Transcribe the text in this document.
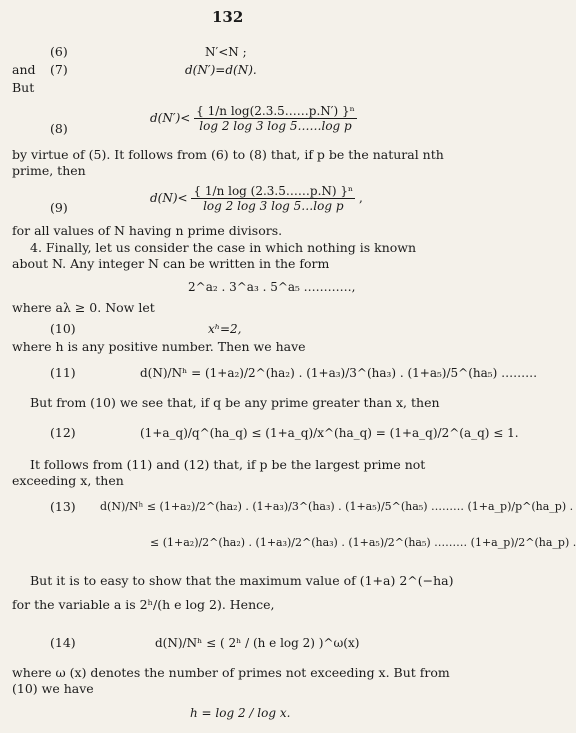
132
(6)	N′<N ;
and (7)	d(N′)=d(N).
But
(8)
$d(N')< \frac{\text{\{ 1/n log(2.3.5……p.N′) \}ⁿ}}{\text{log 2 log 3 log 5……log p}}$
by virtue of (5). It follows from (6) to (8) that, if p be the natural nth
prime, then
(9)
$d(N)< \frac{\text{\{ 1/n log (2.3.5……p.N) \}ⁿ}}{\text{log 2 log 3 log 5…log p}}$ ,
for all values of N having n prime divisors.
4. Finally, let us consider the case in which nothing is known
about N. Any integer N can be written in the form
2^a₂ . 3^a₃ . 5^a₅ …………,
where aλ ≥ 0. Now let
(10)	xʰ=2,
where h is any positive number. Then we have
(11)	d(N)/Nʰ = (1+a₂)/2^(ha₂) . (1+a₃)/3^(ha₃) . (1+a₅)/5^(ha₅) ………
But from (10) we see that, if q be any prime greater than x, then
(12)	(1+a_q)/q^(ha_q) ≤ (1+a_q)/x^(ha_q) = (1+a_q)/2^(a_q) ≤ 1.
It follows from (11) and (12) that, if p be the largest prime not
exceeding x, then
(13) d(N)/Nʰ ≤ (1+a₂)/2^(ha₂) . (1+a₃)/3^(ha₃) . (1+a₅)/5^(ha₅) ……… (1+a_p)/p^(ha_p) .
≤ (1+a₂)/2^(ha₂) . (1+a₃)/2^(ha₃) . (1+a₅)/2^(ha₅) ……… (1+a_p)/2^(ha_p) .
But it is to easy to show that the maximum value of (1+a) 2^(−ha)
for the variable a is 2ʰ/(h e log 2). Hence,
(14)	d(N)/Nʰ ≤ ( 2ʰ / (h e log 2) )^ω(x)
where ω (x) denotes the number of primes not exceeding x. But from
(10) we have
h = log 2 / log x.
